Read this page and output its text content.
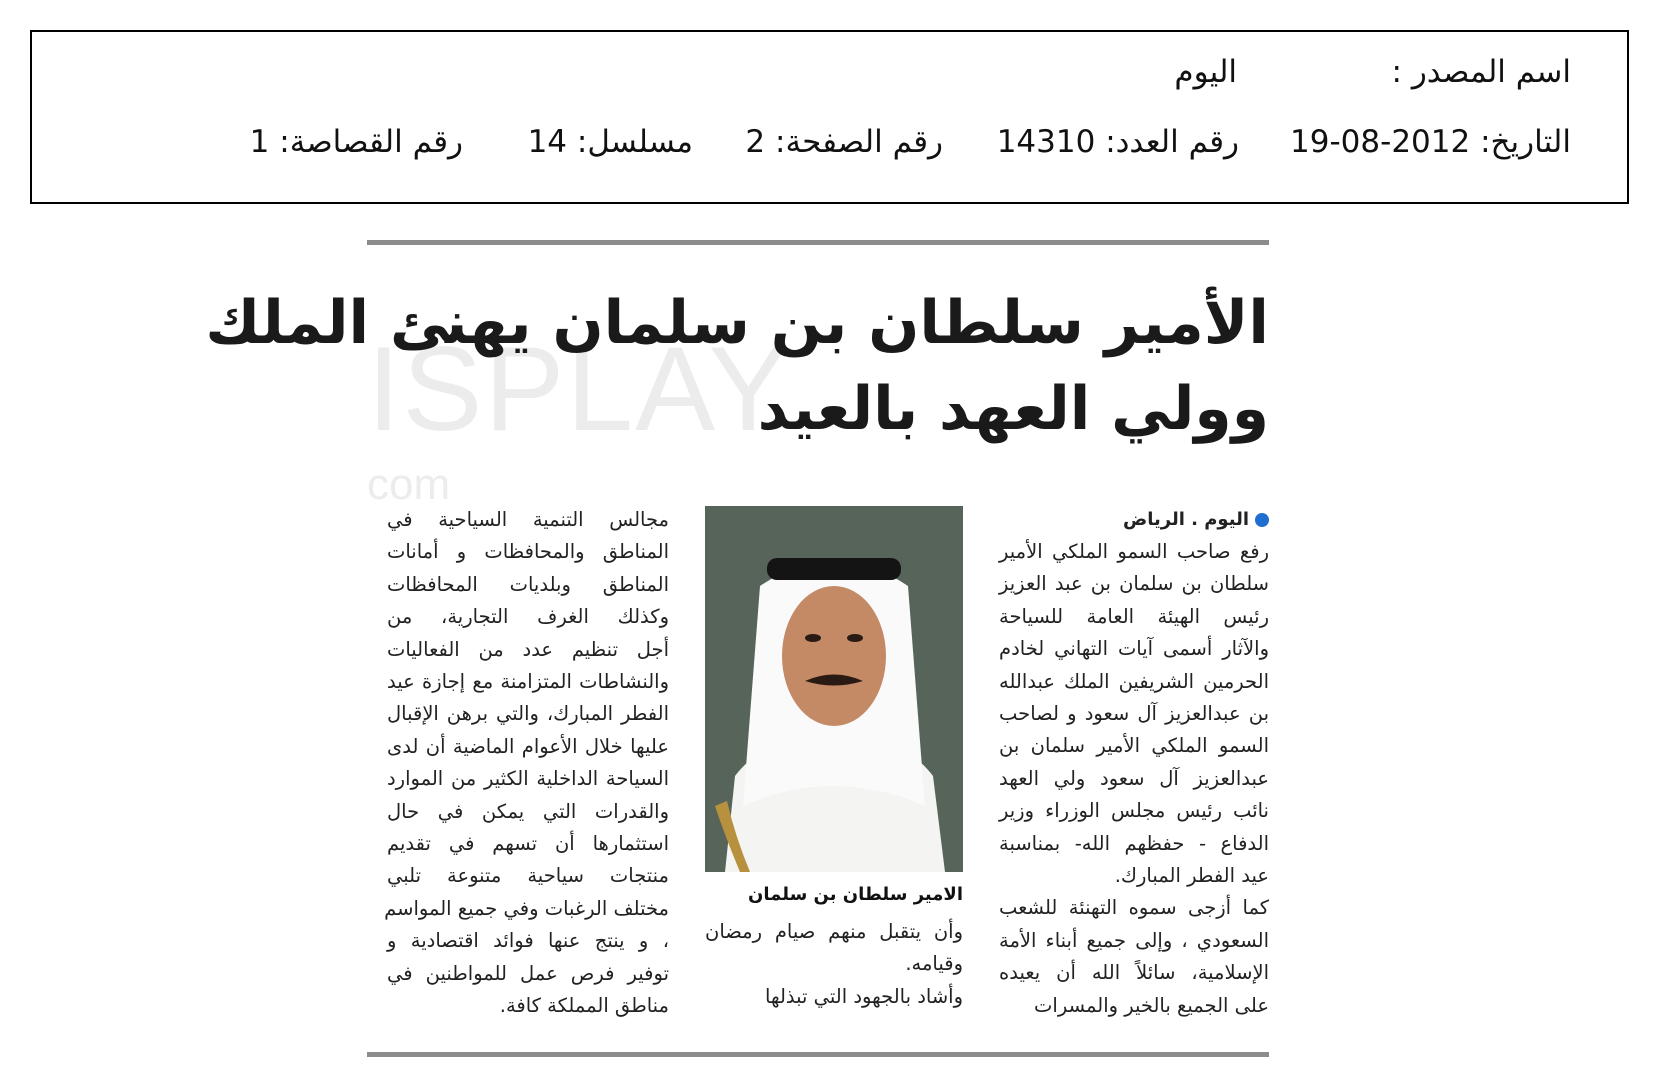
اسم المصدر :
اليوم
التاريخ: 2012-08-19
رقم العدد: 14310
رقم الصفحة: 2
مسلسل: 14
رقم القصاصة: 1
ISPLAY
com
الأمير سلطان بن سلمان يهنئ الملك
وولي العهد بالعيد
اليوم . الرياض
رفع صاحب السمو الملكي الأمير
سلطان بن سلمان بن عبد العزيز
رئيس الهيئة العامة للسياحة
والآثار أسمى آيات التهاني لخادم
الحرمين الشريفين الملك عبدالله
بن عبدالعزيز آل سعود و لصاحب
السمو الملكي الأمير سلمان بن
عبدالعزيز آل سعود ولي العهد
نائب رئيس مجلس الوزراء وزير
الدفاع - حفظهم الله- بمناسبة
عيد الفطر المبارك.
كما أزجى سموه التهنئة للشعب
السعودي ، وإلى جميع أبناء الأمة
الإسلامية، سائلاً الله أن يعيده
على الجميع بالخير والمسرات
الامير سلطان بن سلمان
وأن يتقبل منهم صيام رمضان
وقيامه.
وأشاد بالجهود التي تبذلها
مجالس التنمية السياحية في
المناطق والمحافظات و أمانات
المناطق وبلديات المحافظات
وكذلك الغرف التجارية، من
أجل تنظيم عدد من الفعاليات
والنشاطات المتزامنة مع إجازة عيد
الفطر المبارك، والتي برهن الإقبال
عليها خلال الأعوام الماضية أن لدى
السياحة الداخلية الكثير من الموارد
والقدرات التي يمكن في حال
استثمارها أن تسهم في تقديم
منتجات سياحية متنوعة تلبي
مختلف الرغبات وفي جميع المواسم
، و ينتج عنها فوائد اقتصادية و
توفير فرص عمل للمواطنين في
مناطق المملكة كافة.
